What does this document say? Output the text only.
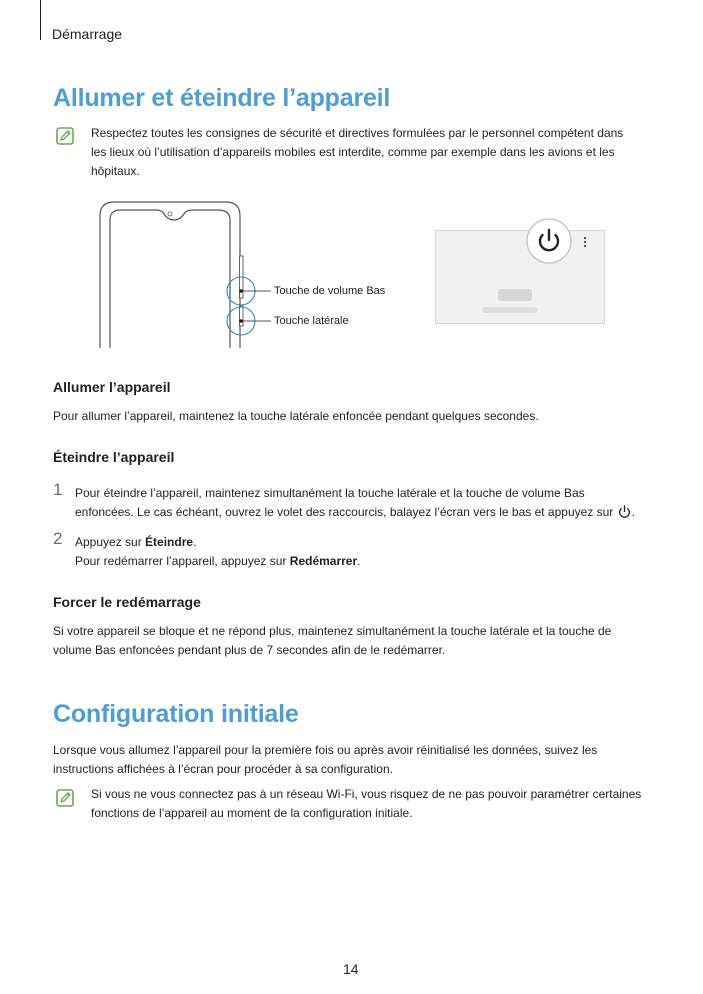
Démarrage
Allumer et éteindre l’appareil
Respectez toutes les consignes de sécurité et directives formulées par le personnel compétent dans
les lieux où l’utilisation d’appareils mobiles est interdite, comme par exemple dans les avions et les
hôpitaux.
Touche de volume Bas
Touche latérale
Allumer l’appareil
Pour allumer l’appareil, maintenez la touche latérale enfoncée pendant quelques secondes.
Éteindre l’appareil
1 Pour éteindre l’appareil, maintenez simultanément la touche latérale et la touche de volume Bas
enfoncées. Le cas échéant, ouvrez le volet des raccourcis, balayez l’écran vers le bas et appuyez sur .
2 Appuyez sur Éteindre.
Pour redémarrer l’appareil, appuyez sur Redémarrer.
Forcer le redémarrage
Si votre appareil se bloque et ne répond plus, maintenez simultanément la touche latérale et la touche de
volume Bas enfoncées pendant plus de 7 secondes afin de le redémarrer.
Configuration initiale
Lorsque vous allumez l’appareil pour la première fois ou après avoir réinitialisé les données, suivez les
instructions affichées à l’écran pour procéder à sa configuration.
Si vous ne vous connectez pas à un réseau Wi-Fi, vous risquez de ne pas pouvoir paramétrer certaines
fonctions de l’appareil au moment de la configuration initiale.
14
